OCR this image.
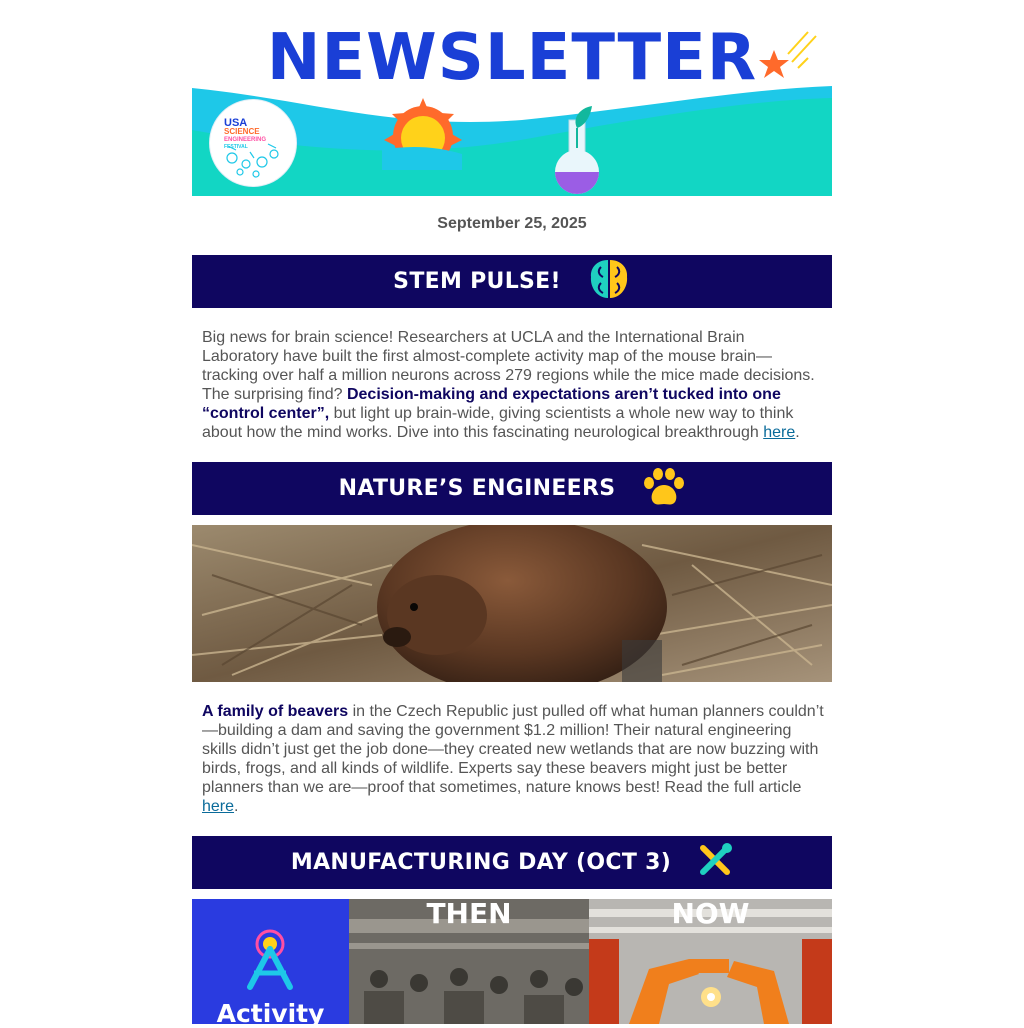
NEWSLETTER
USA
SCIENCE
ENGINEERING
FESTIVAL
September 25, 2025
STEM PULSE!
Big news for brain science! Researchers at UCLA and the International Brain Laboratory have built the first almost-complete activity map of the mouse brain—tracking over half a million neurons across 279 regions while the mice made decisions. The surprising find? Decision-making and expectations aren’t tucked into one “control center”, but light up brain-wide, giving scientists a whole new way to think about how the mind works. Dive into this fascinating neurological breakthrough here.
NATURE’S ENGINEERS
A family of beavers in the Czech Republic just pulled off what human planners couldn’t—building a dam and saving the government $1.2 million! Their natural engineering skills didn’t just get the job done—they created new wetlands that are now buzzing with birds, frogs, and all kinds of wildlife. Experts say these beavers might just be better planners than we are—proof that sometimes, nature knows best! Read the full article here.
MANUFACTURING DAY (OCT 3)
Activity
THEN	NOW
